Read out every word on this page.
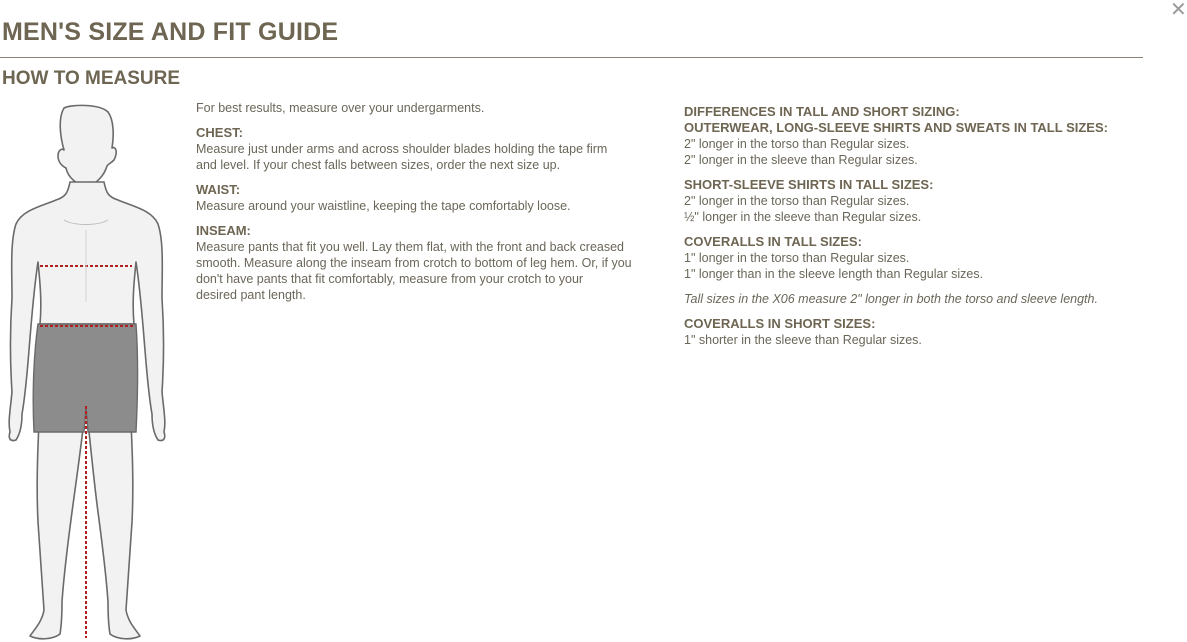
MEN'S SIZE AND FIT GUIDE
✕
HOW TO MEASURE

For best results, measure over your undergarments.

CHEST:

Measure just under arms and across shoulder blades holding the tape firm

and level. If your chest falls between sizes, order the next size up.

WAIST:

Measure around your waistline, keeping the tape comfortably loose.

INSEAM:

Measure pants that fit you well. Lay them flat, with the front and back creased

smooth. Measure along the inseam from crotch to bottom of leg hem. Or, if you

don't have pants that fit comfortably, measure from your crotch to your

desired pant length.

DIFFERENCES IN TALL AND SHORT SIZING:

OUTERWEAR, LONG-SLEEVE SHIRTS AND SWEATS IN TALL SIZES:

2" longer in the torso than Regular sizes.

2" longer in the sleeve than Regular sizes.

SHORT-SLEEVE SHIRTS IN TALL SIZES:

2" longer in the torso than Regular sizes.

½" longer in the sleeve than Regular sizes.

COVERALLS IN TALL SIZES:

1" longer in the torso than Regular sizes.

1" longer than in the sleeve length than Regular sizes.

Tall sizes in the X06 measure 2" longer in both the torso and sleeve length.

COVERALLS IN SHORT SIZES:

1" shorter in the sleeve than Regular sizes.
